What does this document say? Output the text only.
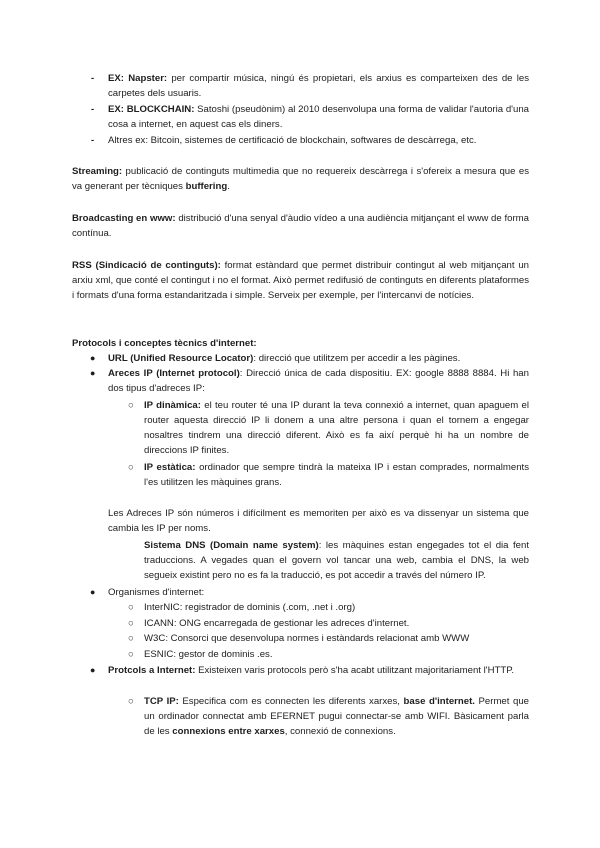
- EX: Napster: per compartir música, ningú és propietari, els arxius es comparteixen des de les carpetes dels usuaris.
- EX: BLOCKCHAIN: Satoshi (pseudònim) al 2010 desenvolupa una forma de validar l'autoria d'una cosa a internet, en aquest cas els diners.
- Altres ex: Bitcoin, sistemes de certificació de blockchain, softwares de descàrrega, etc.
Streaming: publicació de continguts multimedia que no requereix descàrrega i s'ofereix a mesura que es va generant per tècniques buffering.
Broadcasting en www: distribució d'una senyal d'àudio vídeo a una audiència mitjançant el www de forma contínua.
RSS (Sindicació de continguts): format estàndard que permet distribuir contingut al web mitjançant un arxiu xml, que conté el contingut i no el format. Això permet redifusió de continguts en diferents plataformes i formats d'una forma estandaritzada i simple. Serveix per exemple, per l'intercanvi de notícies.
Protocols i conceptes tècnics d'internet:
● URL (Unified Resource Locator): direcció que utilitzem per accedir a les pàgines.
● Areces IP (Internet protocol): Direcció única de cada dispositiu. EX: google 8888 8884. Hi han dos tipus d'adreces IP:
○ IP dinàmica: el teu router té una IP durant la teva connexió a internet, quan apaguem el router aquesta direcció IP li donem a una altre persona i quan el tornem a engegar nosaltres tindrem una direcció diferent. Això es fa així perquè hi ha un nombre de direccions IP finites.
○ IP estàtica: ordinador que sempre tindrà la mateixa IP i estan comprades, normalments l'es utilitzen les màquines grans.
Les Adreces IP són números i difícilment es memoriten per això es va dissenyar un sistema que cambia les IP per noms.
Sistema DNS (Domain name system): les màquines estan engegades tot el dia fent traduccions. A vegades quan el govern vol tancar una web, cambia el DNS, la web segueix existint pero no es fa la traducció, es pot accedir a través del número IP.
● Organismes d'internet:
○ InterNIC: registrador de dominis (.com, .net i .org)
○ ICANN: ONG encarregada de gestionar les adreces d'internet.
○ W3C: Consorci que desenvolupa normes i estàndards relacionat amb WWW
○ ESNIC: gestor de dominis .es.
● Protcols a Internet: Existeixen varis protocols però s'ha acabt utilitzant majoritariament l'HTTP.
○ TCP IP: Especifica com es connecten les diferents xarxes, base d'internet. Permet que un ordinador connectat amb EFERNET pugui connectar-se amb WIFI. Bàsicament parla de les connexions entre xarxes, connexió de connexions.
